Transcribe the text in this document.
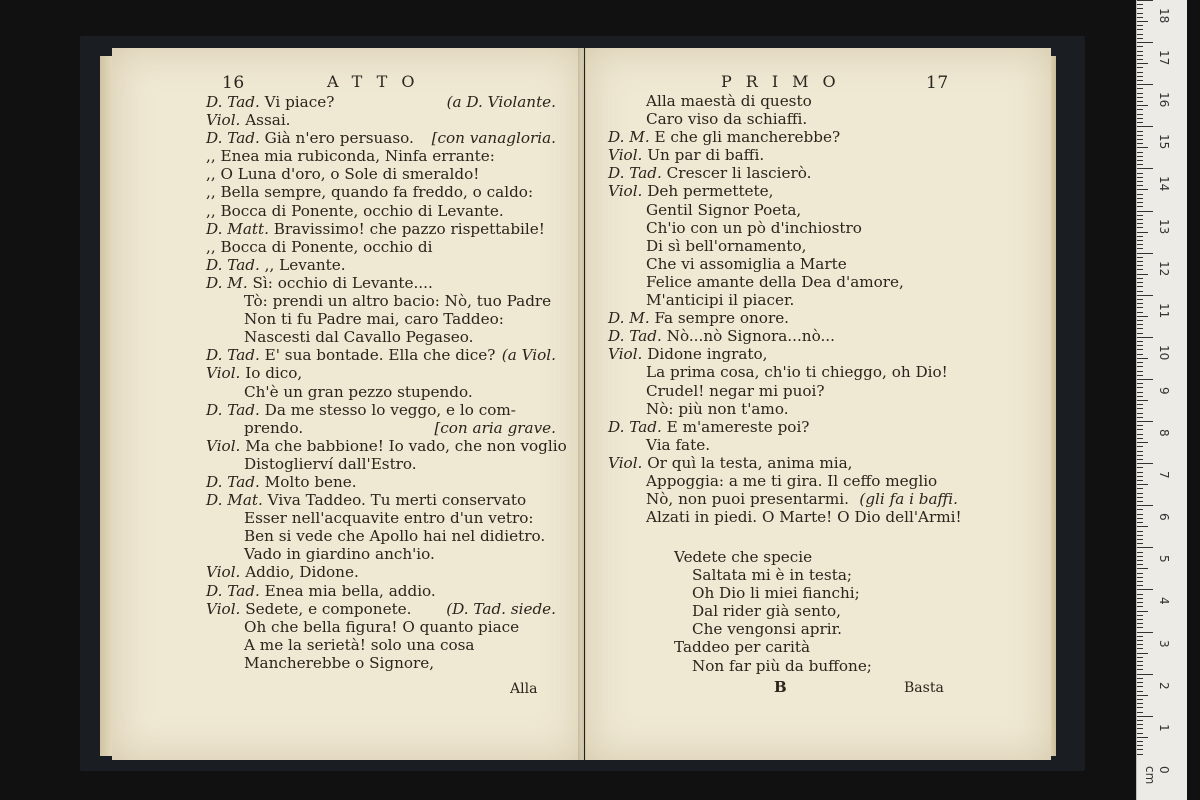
16	ATTO
D. Tad. Vi piace?	(a D. Violante.
Viol. Assai.
D. Tad. Già n'ero persuaso. [con vanagloria.
,, Enea mia rubiconda, Ninfa errante:
,, O Luna d'oro, o Sole di smeraldo!
,, Bella sempre, quando fa freddo, o caldo:
,, Bocca di Ponente, occhio di Levante.
D. Matt. Bravissimo! che pazzo rispettabile!
,, Bocca di Ponente, occhio di
D. Tad. ,, Levante.
D. M. Sì: occhio di Levante....
Tò: prendi un altro bacio: Nò, tuo Padre
Non ti fu Padre mai, caro Taddeo:
Nascesti dal Cavallo Pegaseo.
D. Tad. E' sua bontade. Ella che dice? (a Viol.
Viol. Io dico,
Ch'è un gran pezzo stupendo.
D. Tad. Da me stesso lo veggo, e lo com-
prendo.	[con aria grave.
Viol. Ma che babbione! Io vado, che non voglio
Distoglierví dall'Estro.
D. Tad. Molto bene.
D. Mat. Viva Taddeo. Tu merti conservato
Esser nell'acquavite entro d'un vetro:
Ben si vede che Apollo hai nel didietro.
Vado in giardino anch'io.
Viol. Addio, Didone.
D. Tad. Enea mia bella, addio.
Viol. Sedete, e componete. (D. Tad. siede.
Oh che bella figura! O quanto piace
A me la serietà! solo una cosa
Mancherebbe o Signore,
Alla
PRIMO	17
Alla maestà di questo
Caro viso da schiaffi.
D. M. E che gli mancherebbe?
Viol. Un par di baffi.
D. Tad. Crescer li lascierò.
Viol. Deh permettete,
Gentil Signor Poeta,
Ch'io con un pò d'inchiostro
Di sì bell'ornamento,
Che vi assomiglia a Marte
Felice amante della Dea d'amore,
M'anticipi il piacer.
D. M. Fa sempre onore.
D. Tad. Nò...nò Signora...nò...
Viol. Didone ingrato,
La prima cosa, ch'io ti chieggo, oh Dio!
Crudel! negar mi puoi?
Nò: più non t'amo.
D. Tad. E m'amereste poi?
Via fate.
Viol. Or quì la testa, anima mia,
Appoggia: a me ti gira. Il ceffo meglio
Nò, non puoi presentarmi. (gli fa i baffi.
Alzati in piedi. O Marte! O Dio dell'Armi!
Vedete che specie
Saltata mi è in testa;
Oh Dio li miei fianchi;
Dal rider già sento,
Che vengonsi aprir.
Taddeo per carità
Non far più da buffone;
B	Basta
18
17
16
15
14
13
12
11
10
9
8
7
6
5
4
3
2
1
0 cm
